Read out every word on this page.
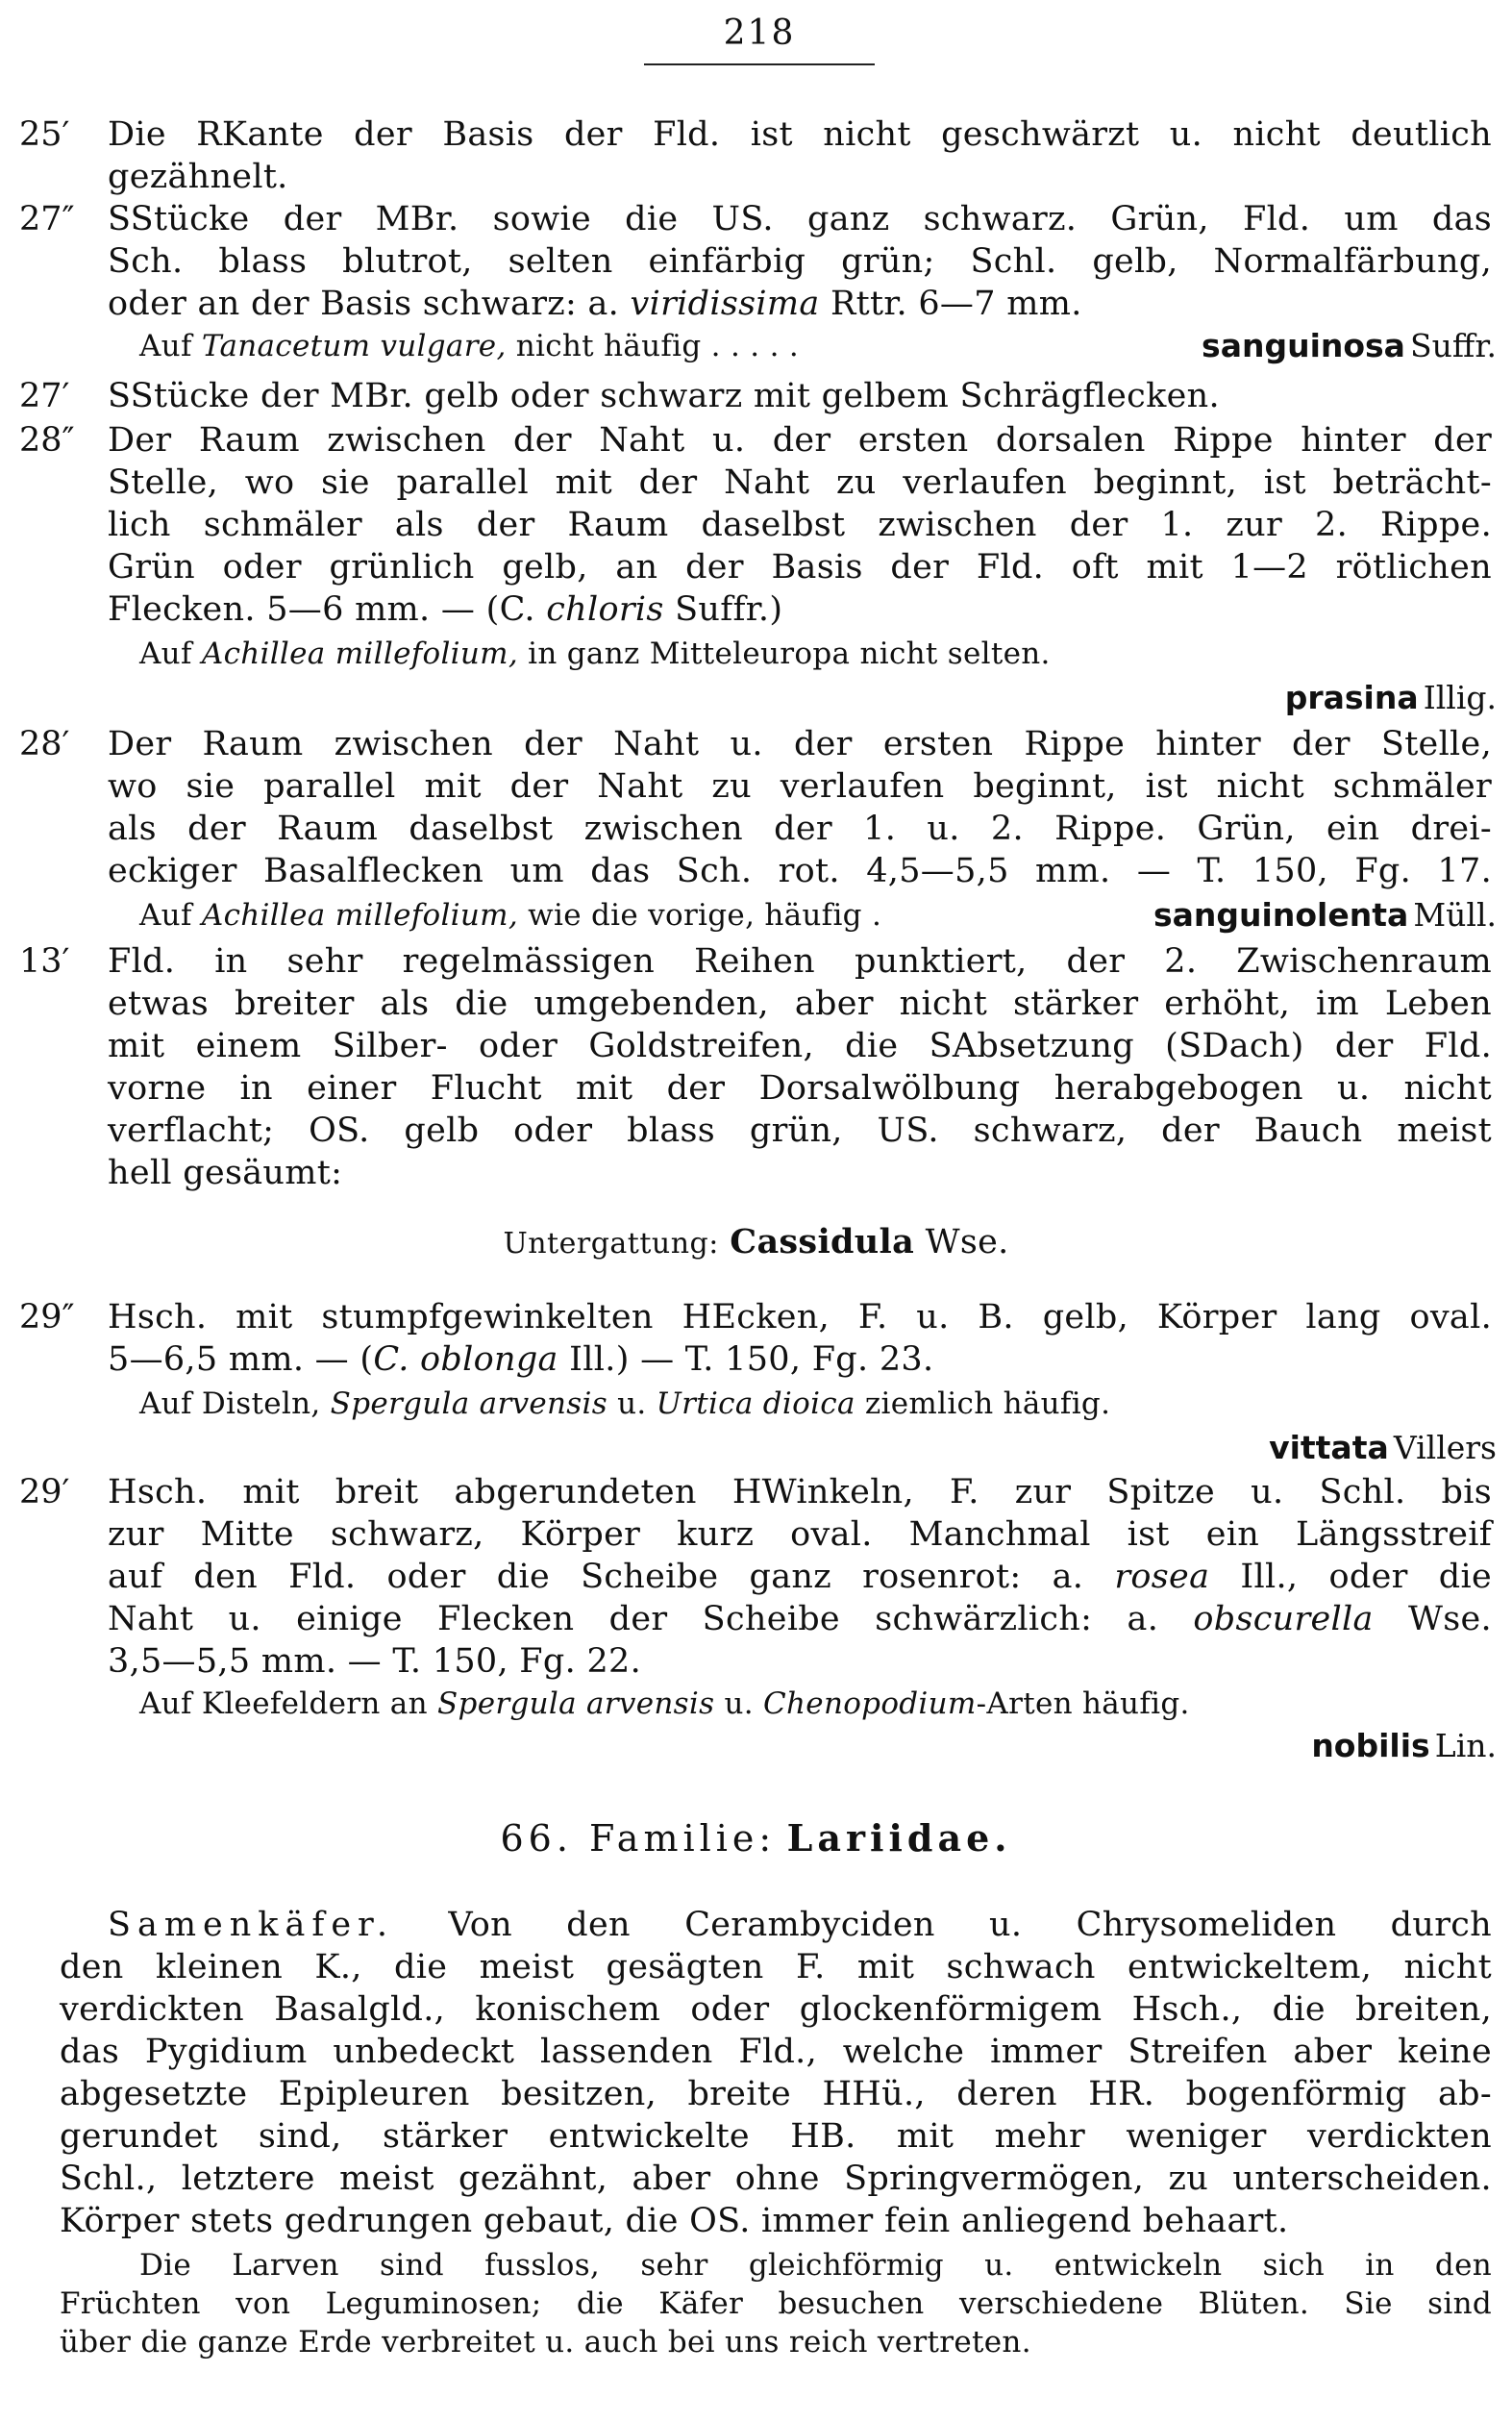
218
25′ Die RKante der Basis der Fld. ist nicht geschwärzt u. nicht deutlich
gezähnelt.
27″ SStücke der MBr. sowie die US. ganz schwarz. Grün, Fld. um das
Sch. blass blutrot, selten einfärbig grün; Schl. gelb, Normalfärbung,
oder an der Basis schwarz: a. viridissima Rttr. 6—7 mm.
Auf Tanacetum vulgare, nicht häufig . . . . .	sanguinosa Suffr.
27′ SStücke der MBr. gelb oder schwarz mit gelbem Schrägflecken.
28″ Der Raum zwischen der Naht u. der ersten dorsalen Rippe hinter der
Stelle, wo sie parallel mit der Naht zu verlaufen beginnt, ist beträcht-
lich schmäler als der Raum daselbst zwischen der 1. zur 2. Rippe.
Grün oder grünlich gelb, an der Basis der Fld. oft mit 1—2 rötlichen
Flecken. 5—6 mm. — (C. chloris Suffr.)
Auf Achillea millefolium, in ganz Mitteleuropa nicht selten.
prasina Illig.
28′ Der Raum zwischen der Naht u. der ersten Rippe hinter der Stelle,
wo sie parallel mit der Naht zu verlaufen beginnt, ist nicht schmäler
als der Raum daselbst zwischen der 1. u. 2. Rippe. Grün, ein drei-
eckiger Basalflecken um das Sch. rot. 4,5—5,5 mm. — T. 150, Fg. 17.
Auf Achillea millefolium, wie die vorige, häufig .	sanguinolenta Müll.
13′ Fld. in sehr regelmässigen Reihen punktiert, der 2. Zwischenraum
etwas breiter als die umgebenden, aber nicht stärker erhöht, im Leben
mit einem Silber- oder Goldstreifen, die SAbsetzung (SDach) der Fld.
vorne in einer Flucht mit der Dorsalwölbung herabgebogen u. nicht
verflacht; OS. gelb oder blass grün, US. schwarz, der Bauch meist
hell gesäumt:
Untergattung: Cassidula Wse.
29″ Hsch. mit stumpfgewinkelten HEcken, F. u. B. gelb, Körper lang oval.
5—6,5 mm. — (C. oblonga Ill.) — T. 150, Fg. 23.
Auf Disteln, Spergula arvensis u. Urtica dioica ziemlich häufig.
vittata Villers
29′ Hsch. mit breit abgerundeten HWinkeln, F. zur Spitze u. Schl. bis
zur Mitte schwarz, Körper kurz oval. Manchmal ist ein Längsstreif
auf den Fld. oder die Scheibe ganz rosenrot: a. rosea Ill., oder die
Naht u. einige Flecken der Scheibe schwärzlich: a. obscurella Wse.
3,5—5,5 mm. — T. 150, Fg. 22.
Auf Kleefeldern an Spergula arvensis u. Chenopodium-Arten häufig.
nobilis Lin.
66. Familie: Lariidae.
Samenkäfer. Von den Cerambyciden u. Chrysomeliden durch
den kleinen K., die meist gesägten F. mit schwach entwickeltem, nicht
verdickten Basalgld., konischem oder glockenförmigem Hsch., die breiten,
das Pygidium unbedeckt lassenden Fld., welche immer Streifen aber keine
abgesetzte Epipleuren besitzen, breite HHü., deren HR. bogenförmig ab-
gerundet sind, stärker entwickelte HB. mit mehr weniger verdickten
Schl., letztere meist gezähnt, aber ohne Springvermögen, zu unterscheiden.
Körper stets gedrungen gebaut, die OS. immer fein anliegend behaart.
Die Larven sind fusslos, sehr gleichförmig u. entwickeln sich in den
Früchten von Leguminosen; die Käfer besuchen verschiedene Blüten. Sie sind
über die ganze Erde verbreitet u. auch bei uns reich vertreten.
